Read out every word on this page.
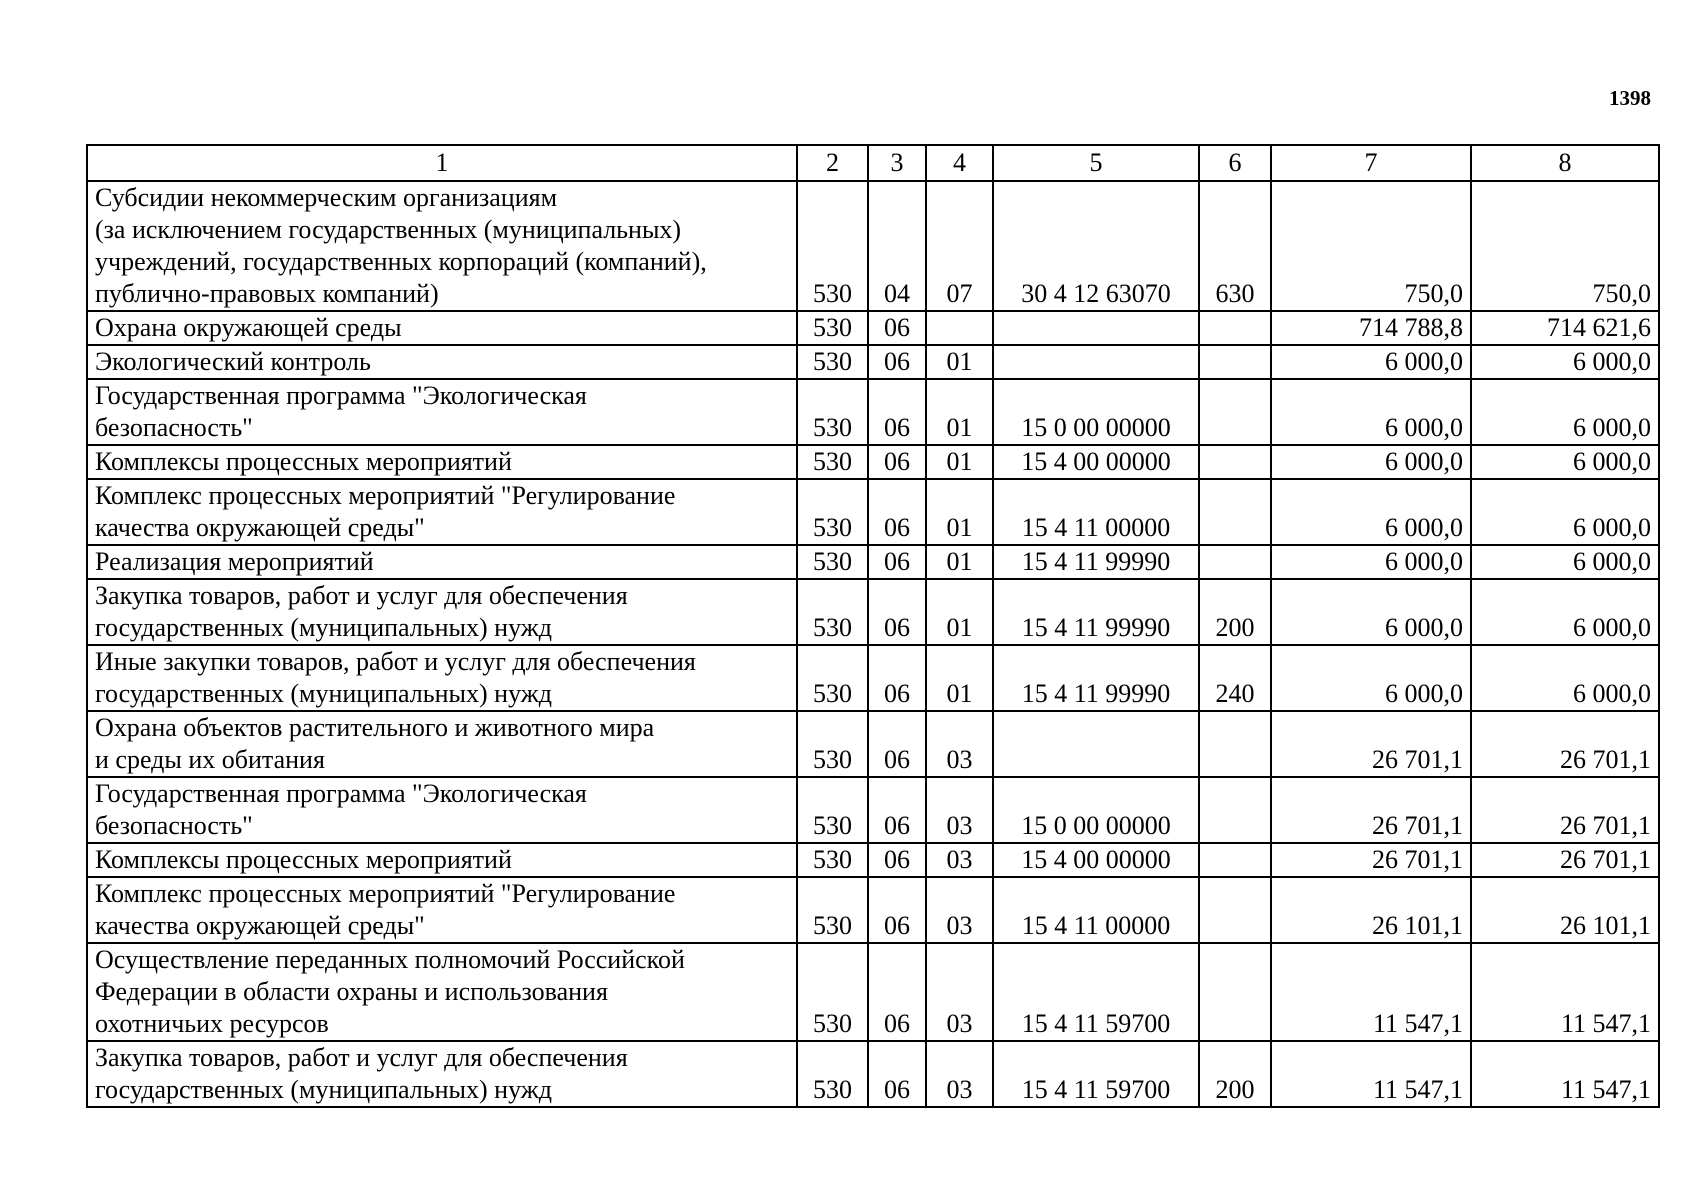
1398
1	2	3	4	5	6	7	8

Субсидии некоммерческим организациям
(за исключением государственных (муниципальных)
учреждений, государственных корпораций (компаний),
публично-правовых компаний)	530	04	07	30 4 12 63070	630	750,0	750,0

Охрана окружающей среды	530	06				714 788,8	714 621,6

Экологический контроль	530	06	01			6 000,0	6 000,0

Государственная программа "Экологическая
безопасность"	530	06	01	15 0 00 00000		6 000,0	6 000,0

Комплексы процессных мероприятий	530	06	01	15 4 00 00000		6 000,0	6 000,0

Комплекс процессных мероприятий "Регулирование
качества окружающей среды"	530	06	01	15 4 11 00000		6 000,0	6 000,0

Реализация мероприятий	530	06	01	15 4 11 99990		6 000,0	6 000,0

Закупка товаров, работ и услуг для обеспечения
государственных (муниципальных) нужд	530	06	01	15 4 11 99990	200	6 000,0	6 000,0

Иные закупки товаров, работ и услуг для обеспечения
государственных (муниципальных) нужд	530	06	01	15 4 11 99990	240	6 000,0	6 000,0

Охрана объектов растительного и животного мира
и среды их обитания	530	06	03			26 701,1	26 701,1

Государственная программа "Экологическая
безопасность"	530	06	03	15 0 00 00000		26 701,1	26 701,1

Комплексы процессных мероприятий	530	06	03	15 4 00 00000		26 701,1	26 701,1

Комплекс процессных мероприятий "Регулирование
качества окружающей среды"	530	06	03	15 4 11 00000		26 101,1	26 101,1

Осуществление переданных полномочий Российской
Федерации в области охраны и использования
охотничьих ресурсов	530	06	03	15 4 11 59700		11 547,1	11 547,1

Закупка товаров, работ и услуг для обеспечения
государственных (муниципальных) нужд	530	06	03	15 4 11 59700	200	11 547,1	11 547,1
